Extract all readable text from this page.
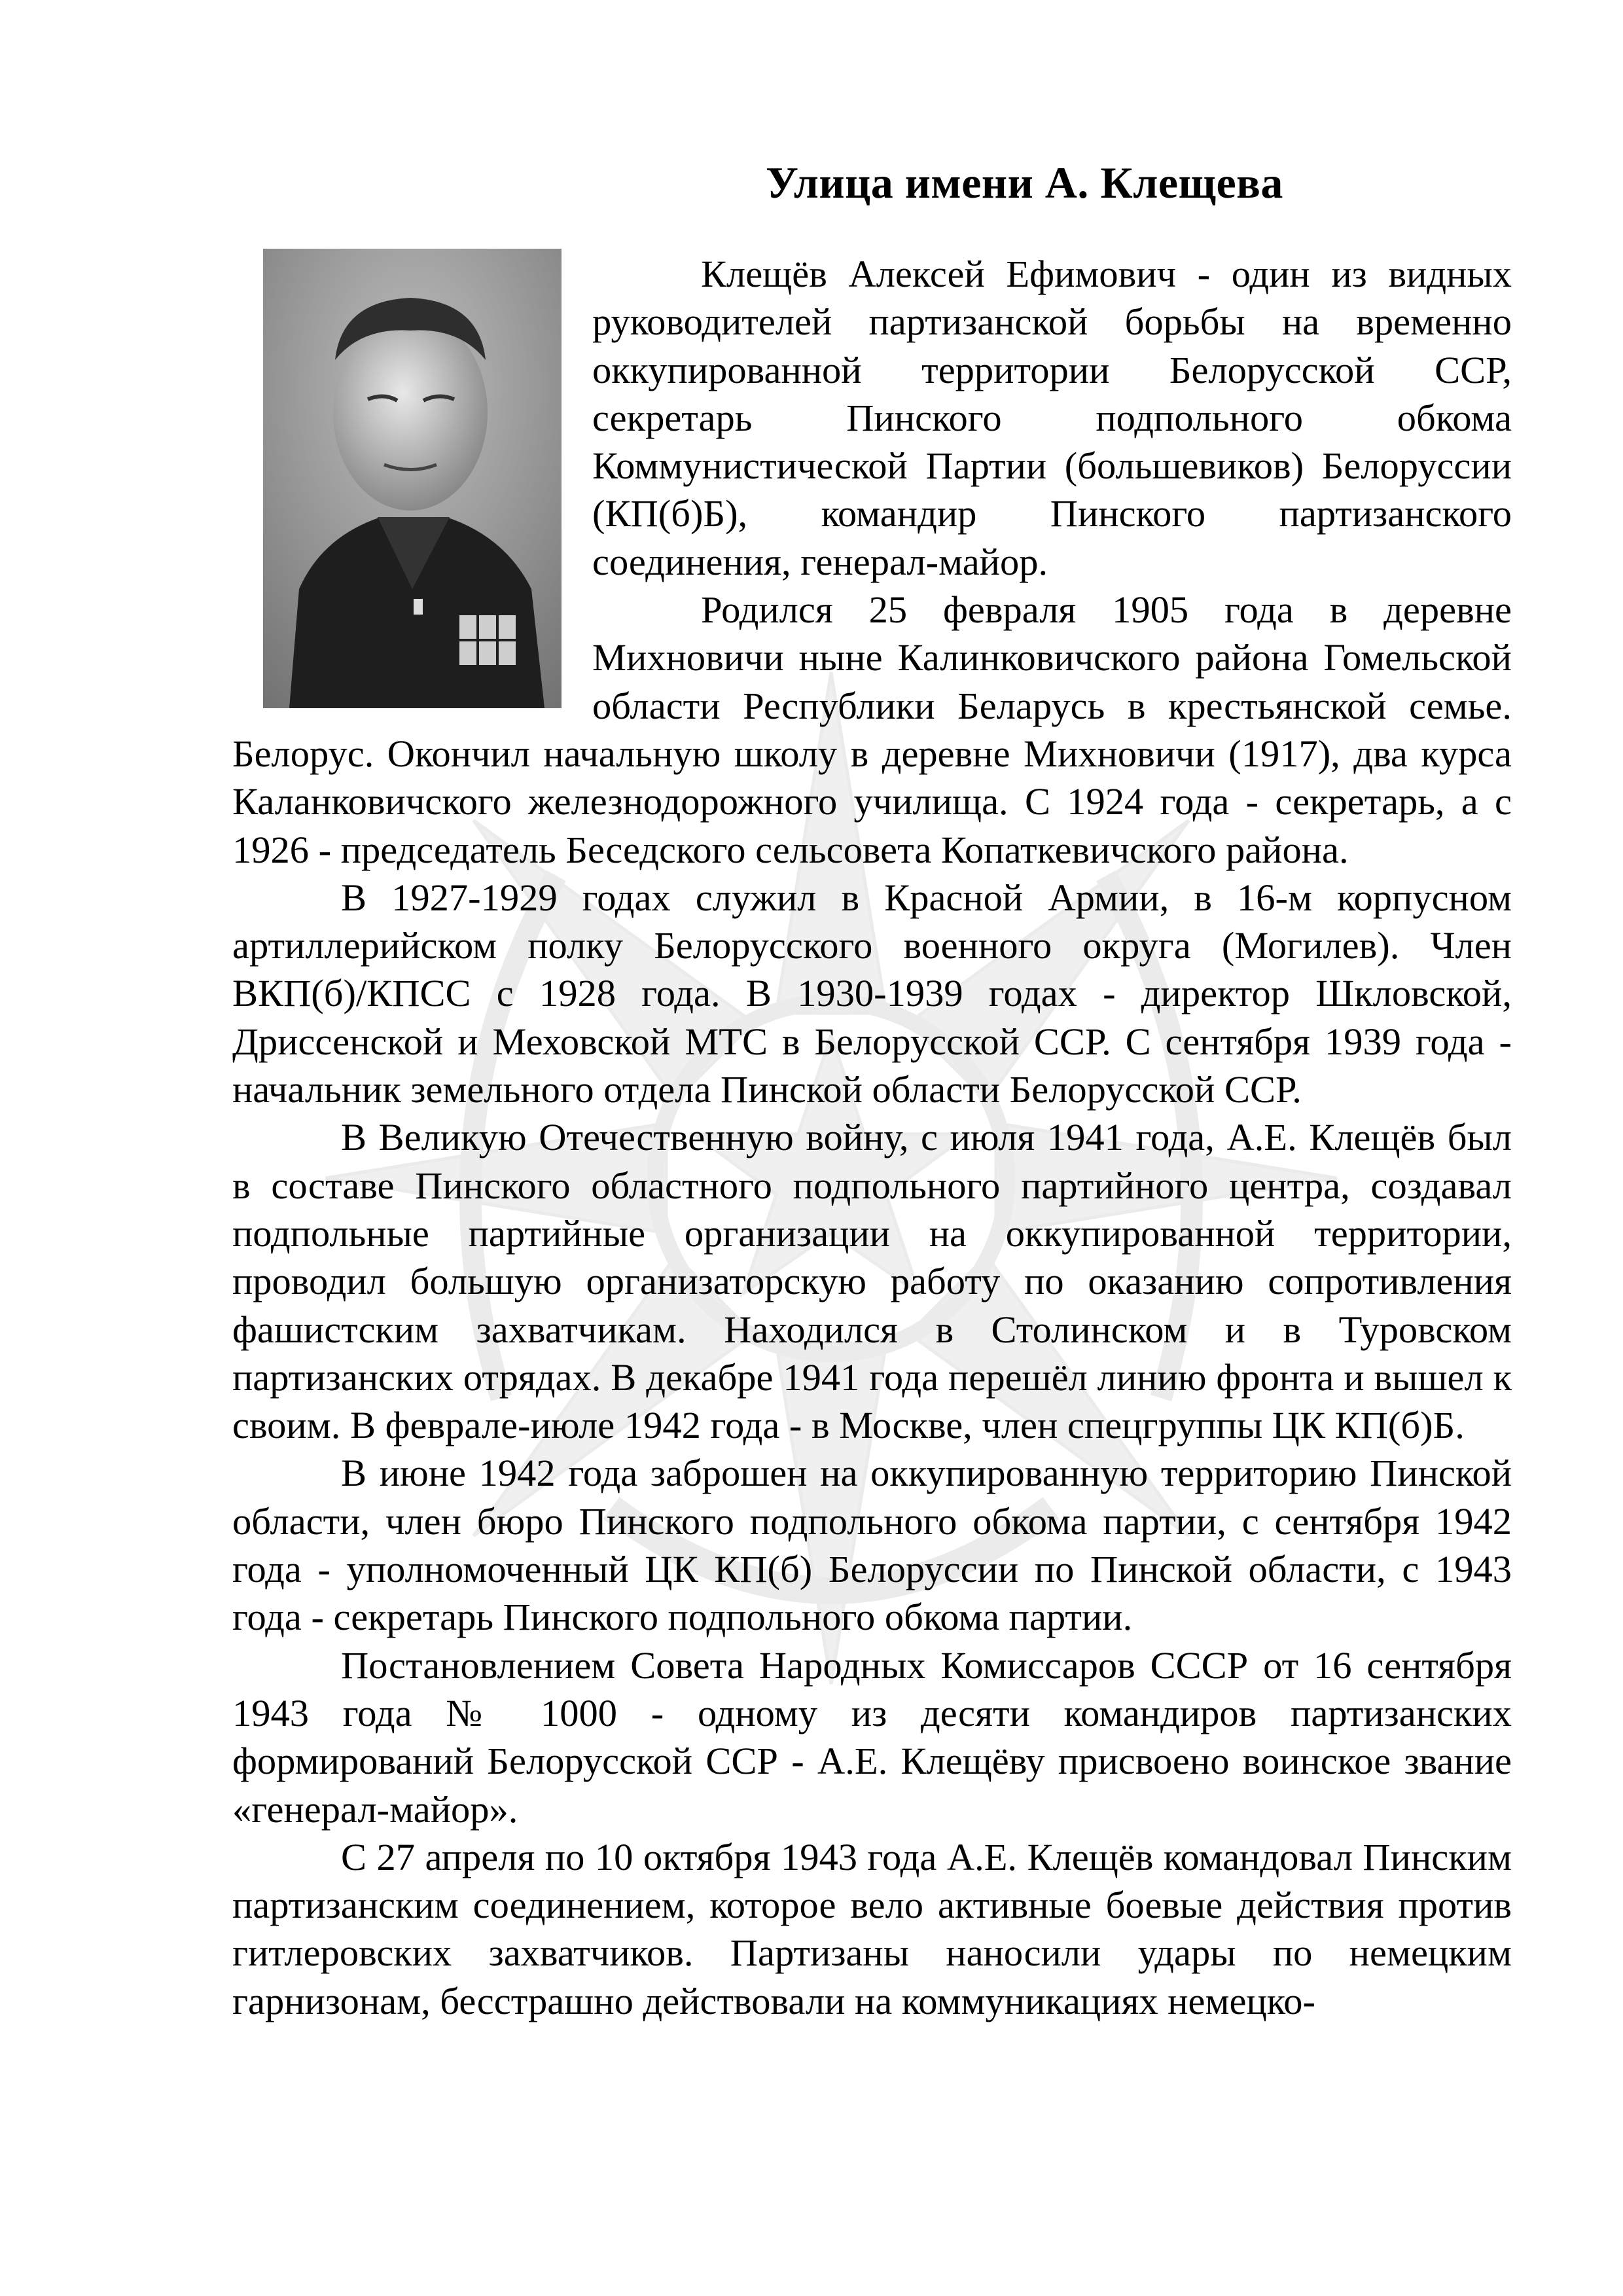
Улица имени А. Клещева

Клещёв Алексей Ефимович - один из видных руководителей партизанской борьбы на временно оккупированной территории Белорусской ССР, секретарь Пинского подпольного обкома Коммунистической Партии (большевиков) Белоруссии (КП(б)Б), командир Пинского партизанского соединения, генерал-майор.

Родился 25 февраля 1905 года в деревне Михновичи ныне Калинковичского района Гомельской области Республики Беларусь в крестьянской семье. Белорус. Окончил начальную школу в деревне Михновичи (1917), два курса Каланковичского железнодорожного училища. С 1924 года - секретарь, а с 1926 - председатель Беседского сельсовета Копаткевичского района.

В 1927-1929 годах служил в Красной Армии, в 16-м корпусном артиллерийском полку Белорусского военного округа (Могилев). Член ВКП(б)/КПСС с 1928 года. В 1930-1939 годах - директор Шкловской, Дриссенской и Меховской МТС в Белорусской ССР. С сентября 1939 года - начальник земельного отдела Пинской области Белорусской ССР.

В Великую Отечественную войну, с июля 1941 года, А.Е. Клещёв был в составе Пинского областного подпольного партийного центра, создавал подпольные партийные организации на оккупированной территории, проводил большую организаторскую работу по оказанию сопротивления фашистским захватчикам. Находился в Столинском и в Туровском партизанских отрядах. В декабре 1941 года перешёл линию фронта и вышел к своим. В феврале-июле 1942 года - в Москве, член спецгруппы ЦК КП(б)Б.

В июне 1942 года заброшен на оккупированную территорию Пинской области, член бюро Пинского подпольного обкома партии, с сентября 1942 года - уполномоченный ЦК КП(б) Белоруссии по Пинской области, с 1943 года - секретарь Пинского подпольного обкома партии.

Постановлением Совета Народных Комиссаров СССР от 16 сентября 1943 года № 1000 - одному из десяти командиров партизанских формирований Белорусской ССР - А.Е. Клещёву присвоено воинское звание «генерал-майор».

С 27 апреля по 10 октября 1943 года А.Е. Клещёв командовал Пинским партизанским соединением, которое вело активные боевые действия против гитлеровских захватчиков. Партизаны наносили удары по немецким гарнизонам, бесстрашно действовали на коммуникациях немецко-
